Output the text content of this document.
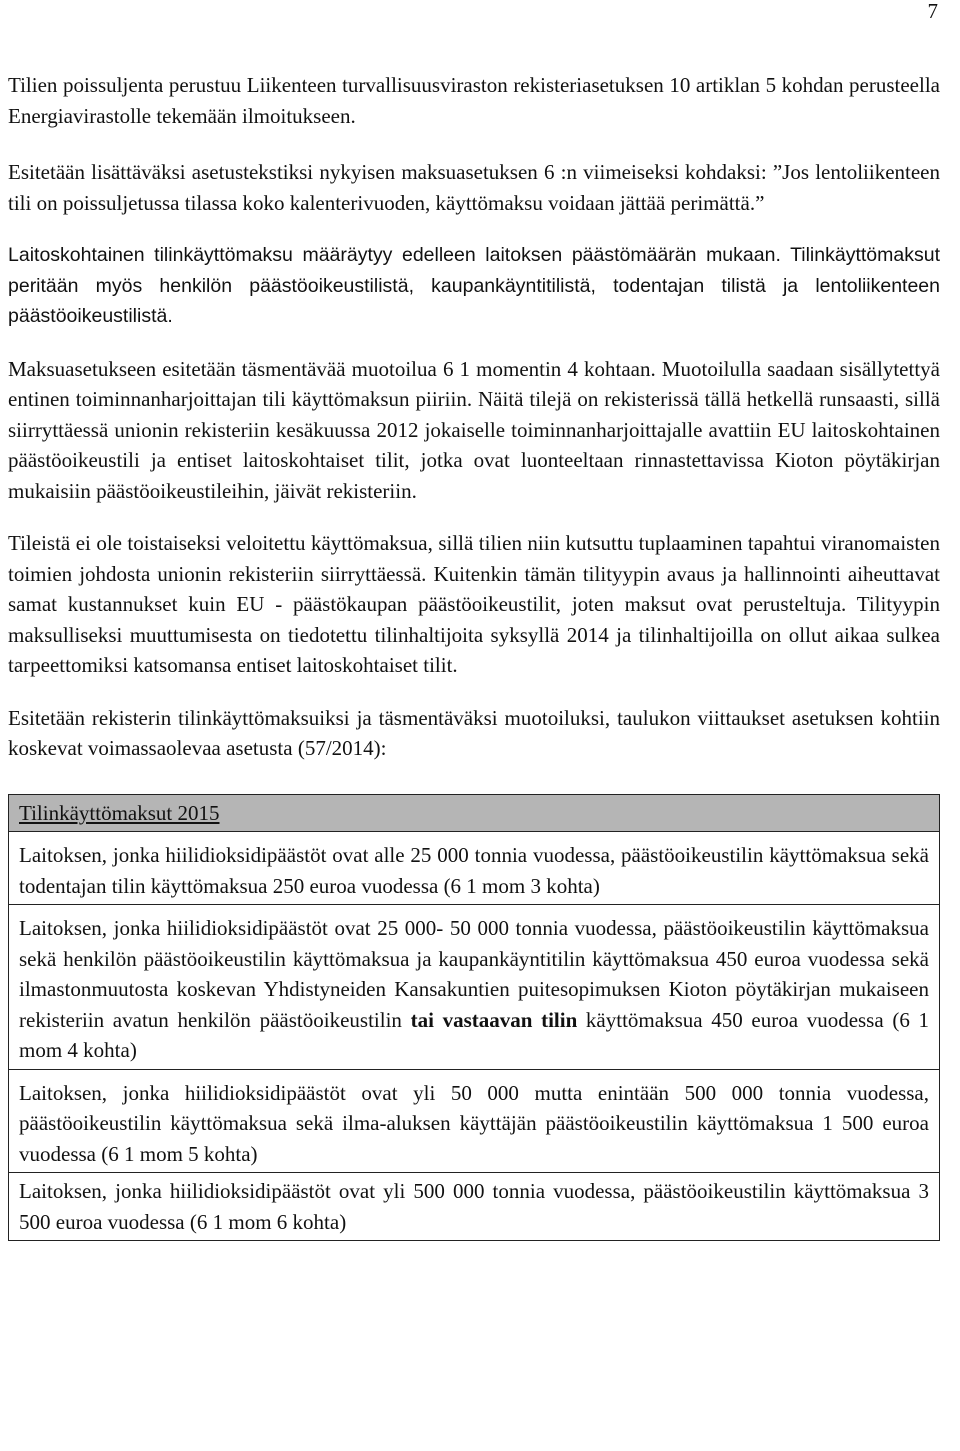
7

Tilien poissuljenta perustuu Liikenteen turvallisuusviraston rekisteriasetuksen 10 artiklan 5 kohdan perusteella Energiavirastolle tekemään ilmoitukseen.

Esitetään lisättäväksi asetustekstiksi nykyisen maksuasetuksen 6 :n viimeiseksi kohdaksi: ”Jos lentoliikenteen tili on poissuljetussa tilassa koko kalenterivuoden, käyttömaksu voidaan jättää perimättä.”

Laitoskohtainen tilinkäyttömaksu määräytyy edelleen laitoksen päästömäärän mukaan. Tilinkäyttömaksut peritään myös henkilön päästöoikeustilistä, kaupankäyntitilistä, todentajan tilistä ja lentoliikenteen päästöoikeustilistä.

Maksuasetukseen esitetään täsmentävää muotoilua 6 1 momentin 4 kohtaan. Muotoilulla saadaan sisällytettyä entinen toiminnanharjoittajan tili käyttömaksun piiriin. Näitä tilejä on rekisterissä tällä hetkellä runsaasti, sillä siirryttäessä unionin rekisteriin kesäkuussa 2012 jokaiselle toiminnanharjoittajalle avattiin EU laitoskohtainen päästöoikeustili ja entiset laitoskohtaiset tilit, jotka ovat luonteeltaan rinnastettavissa Kioton pöytäkirjan mukaisiin päästöoikeustileihin, jäivät rekisteriin.

Tileistä ei ole toistaiseksi veloitettu käyttömaksua, sillä tilien niin kutsuttu tuplaaminen tapahtui viranomaisten toimien johdosta unionin rekisteriin siirryttäessä. Kuitenkin tämän tilityypin avaus ja hallinnointi aiheuttavat samat kustannukset kuin EU - päästökaupan päästöoikeustilit, joten maksut ovat perusteltuja. Tilityypin maksulliseksi muuttumisesta on tiedotettu tilinhaltijoita syksyllä 2014 ja tilinhaltijoilla on ollut aikaa sulkea tarpeettomiksi katsomansa entiset laitoskohtaiset tilit.

Esitetään rekisterin tilinkäyttömaksuiksi ja täsmentäväksi muotoiluksi, taulukon viittaukset asetuksen kohtiin koskevat voimassaolevaa asetusta (57/2014):

Tilinkäyttömaksut 2015
Laitoksen, jonka hiilidioksidipäästöt ovat alle 25 000 tonnia vuodessa, päästöoikeustilin käyttömaksua sekä todentajan tilin käyttömaksua 250 euroa vuodessa (6 1 mom 3 kohta)
Laitoksen, jonka hiilidioksidipäästöt ovat 25 000- 50 000 tonnia vuodessa, päästöoikeustilin käyttömaksua sekä henkilön päästöoikeustilin käyttömaksua ja kaupankäyntitilin käyttömaksua 450 euroa vuodessa sekä ilmastonmuutosta koskevan Yhdistyneiden Kansakuntien puitesopimuksen Kioton pöytäkirjan mukaiseen rekisteriin avatun henkilön päästöoikeustilin tai vastaavan tilin käyttömaksua 450 euroa vuodessa (6 1 mom 4 kohta)
Laitoksen, jonka hiilidioksidipäästöt ovat yli 50 000 mutta enintään 500 000 tonnia vuodessa, päästöoikeustilin käyttömaksua sekä ilma-aluksen käyttäjän päästöoikeustilin käyttömaksua 1 500 euroa vuodessa (6 1 mom 5 kohta)
Laitoksen, jonka hiilidioksidipäästöt ovat yli 500 000 tonnia vuodessa, päästöoikeustilin käyttömaksua 3 500 euroa vuodessa (6 1 mom 6 kohta)
